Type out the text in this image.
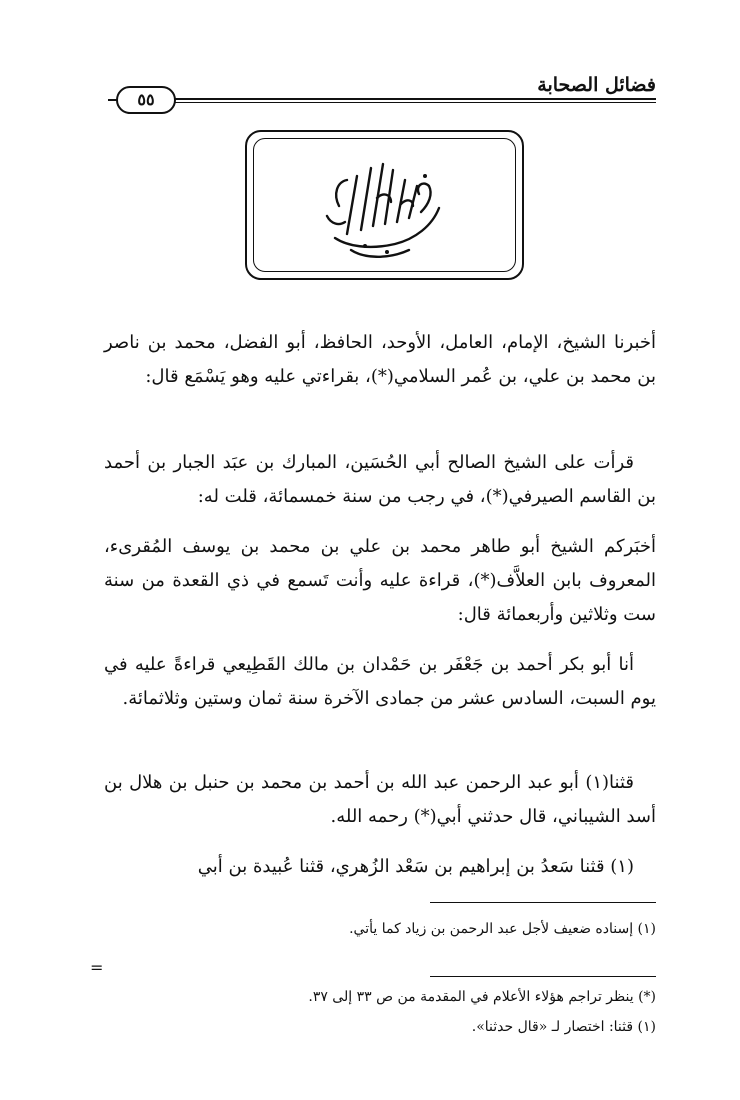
فضائل الصحابة
٥٥
أخبرنا الشيخ، الإمام، العامل، الأوحد، الحافظ، أبو الفضل، محمد بن ناصر بن محمد بن علي، بن عُمر السلامي(*)، بقراءتي عليه وهو يَسْمَع قال:
قرأت على الشيخ الصالح أبي الحُسَين، المبارك بن عبَد الجبار بن أحمد بن القاسم الصيرفي(*)، في رجب من سنة خمسمائة، قلت له:
أخبَركم الشيخ أبو طاهر محمد بن علي بن محمد بن يوسف المُقرىء، المعروف بابن العلاَّف(*)، قراءة عليه وأنت تَسمع في ذي القعدة من سنة ست وثلاثين وأربعمائة قال:
أنا أبو بكر أحمد بن جَعْفَر بن حَمْدان بن مالك القَطِيعي قراءةً عليه في يوم السبت، السادس عشر من جمادى الآخرة سنة ثمان وستين وثلاثمائة.
قثنا(١) أبو عبد الرحمن عبد الله بن أحمد بن محمد بن حنبل بن هلال بن أسد الشيباني، قال حدثني أبي(*) رحمه الله.
(١) قثنا سَعدُ بن إبراهيم بن سَعْد الزُهري، قثنا عُبيدة بن أبي
(١) إسناده ضعيف لأجل عبد الرحمن بن زياد كما يأتي.
=
(*) ينظر تراجم هؤلاء الأعلام في المقدمة من ص ٣٣ إلى ٣٧.
(١) قثنا: اختصار لـ «قال حدثنا».
